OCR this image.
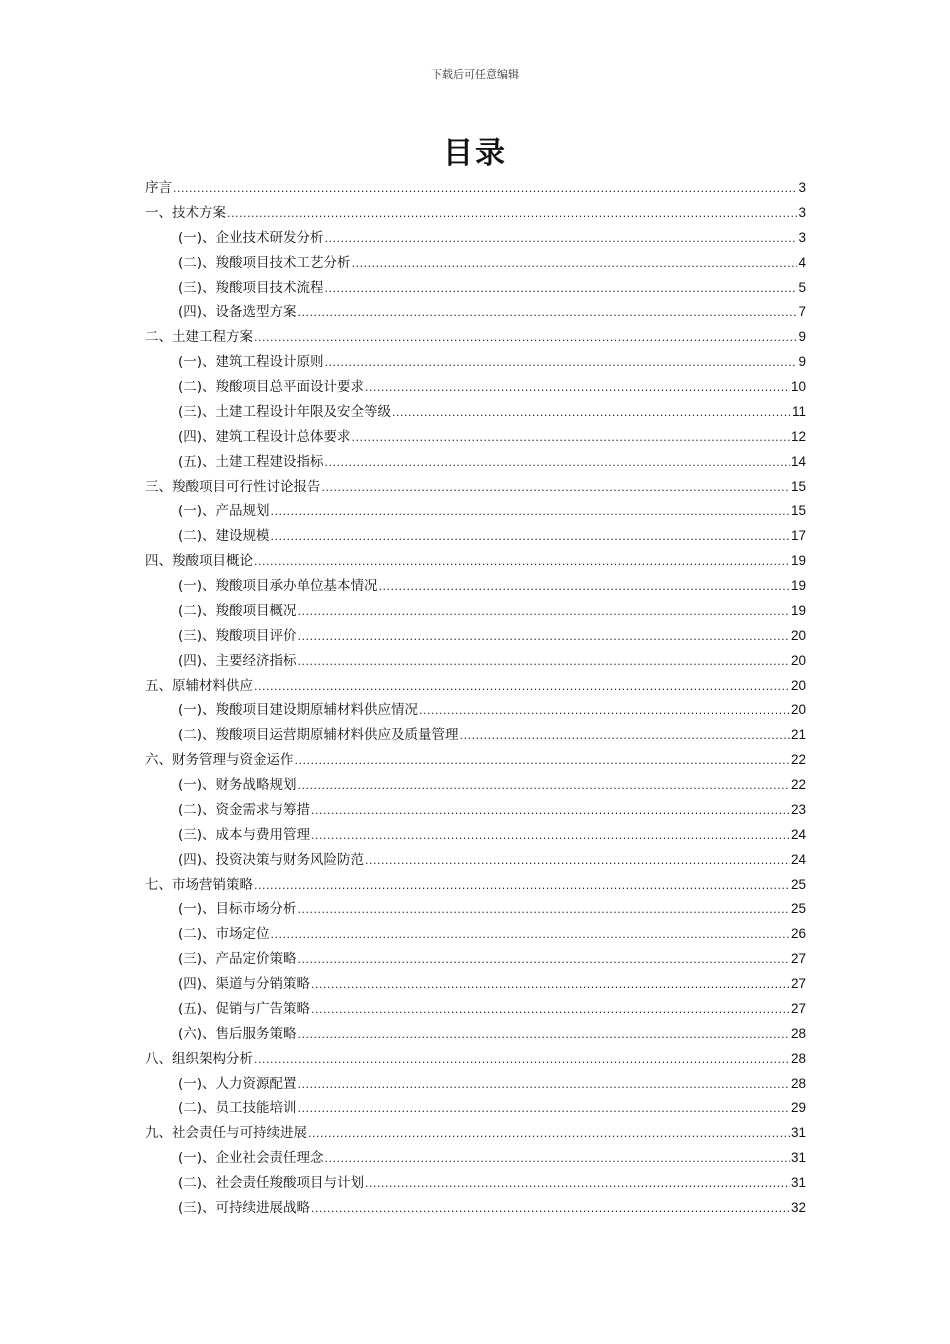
下载后可任意编辑
目录
序言 .....	3
一、技术方案 .....	3
(一)、企业技术研发分析 .....	3
(二)、羧酸项目技术工艺分析 .....	4
(三)、羧酸项目技术流程 .....	5
(四)、设备选型方案 .....	7
二、土建工程方案 .....	9
(一)、建筑工程设计原则 .....	9
(二)、羧酸项目总平面设计要求 .....	10
(三)、土建工程设计年限及安全等级 .....	11
(四)、建筑工程设计总体要求 .....	12
(五)、土建工程建设指标 .....	14
三、羧酸项目可行性讨论报告 .....	15
(一)、产品规划 .....	15
(二)、建设规模 .....	17
四、羧酸项目概论 .....	19
(一)、羧酸项目承办单位基本情况 .....	19
(二)、羧酸项目概况 .....	19
(三)、羧酸项目评价 .....	20
(四)、主要经济指标 .....	20
五、原辅材料供应 .....	20
(一)、羧酸项目建设期原辅材料供应情况 .....	20
(二)、羧酸项目运营期原辅材料供应及质量管理 .....	21
六、财务管理与资金运作 .....	22
(一)、财务战略规划 .....	22
(二)、资金需求与筹措 .....	23
(三)、成本与费用管理 .....	24
(四)、投资决策与财务风险防范 .....	24
七、市场营销策略 .....	25
(一)、目标市场分析 .....	25
(二)、市场定位 .....	26
(三)、产品定价策略 .....	27
(四)、渠道与分销策略 .....	27
(五)、促销与广告策略 .....	27
(六)、售后服务策略 .....	28
八、组织架构分析 .....	28
(一)、人力资源配置 .....	28
(二)、员工技能培训 .....	29
九、社会责任与可持续进展 .....	31
(一)、企业社会责任理念 .....	31
(二)、社会责任羧酸项目与计划 .....	31
(三)、可持续进展战略 .....	32
